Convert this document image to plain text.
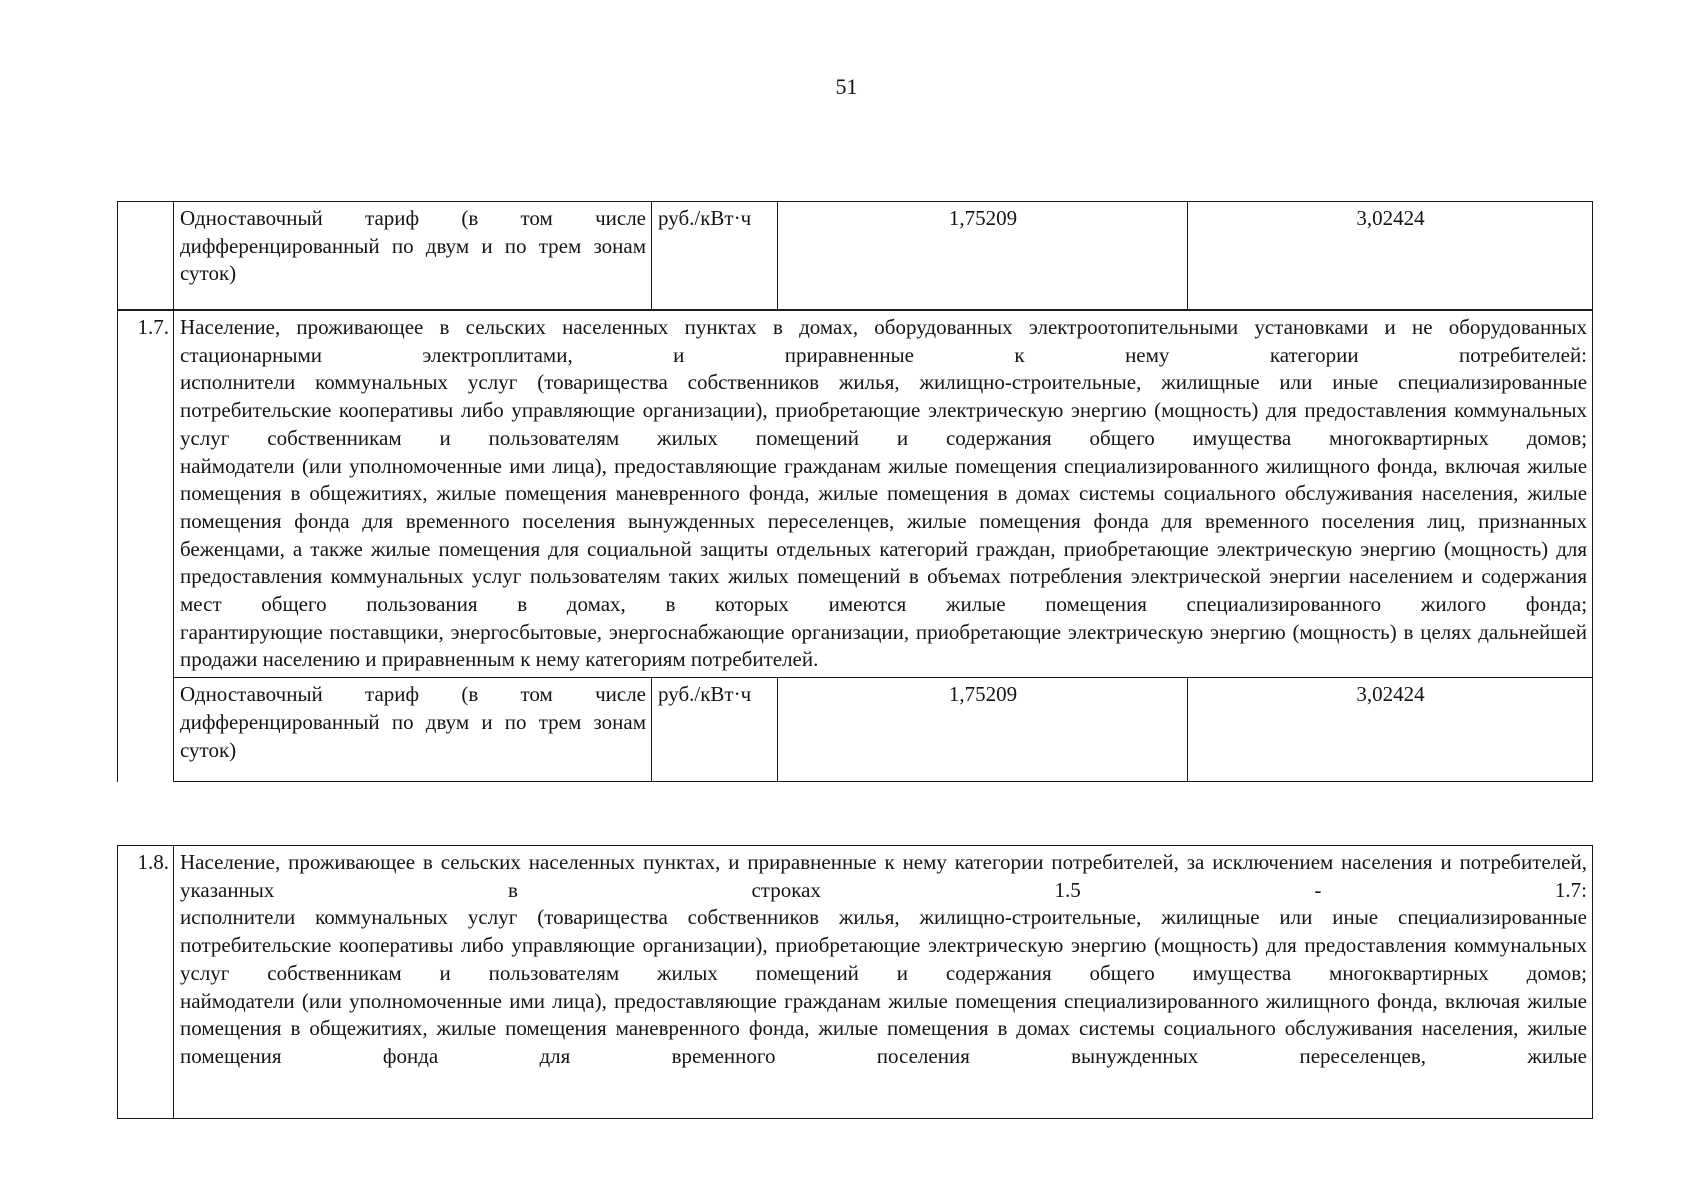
51
	Одноставочный тариф (в том числе дифференцированный по двум и по трем зонам суток)	руб./кВт·ч	1,75209	3,02424
1.7.	Население, проживающее в сельских населенных пунктах в домах, оборудованных электроотопительными установками и не оборудованных стационарными электроплитами, и приравненные к нему категории потребителей:

исполнители коммунальных услуг (товарищества собственников жилья, жилищно-строительные, жилищные или иные специализированные потребительские кооперативы либо управляющие организации), приобретающие электрическую энергию (мощность) для предоставления коммунальных услуг собственникам и пользователям жилых помещений и содержания общего имущества многоквартирных домов;

наймодатели (или уполномоченные ими лица), предоставляющие гражданам жилые помещения специализированного жилищного фонда, включая жилые помещения в общежитиях, жилые помещения маневренного фонда, жилые помещения в домах системы социального обслуживания населения, жилые помещения фонда для временного поселения вынужденных переселенцев, жилые помещения фонда для временного поселения лиц, признанных беженцами, а также жилые помещения для социальной защиты отдельных категорий граждан, приобретающие электрическую энергию (мощность) для предоставления коммунальных услуг пользователям таких жилых помещений в объемах потребления электрической энергии населением и содержания мест общего пользования в домах, в которых имеются жилые помещения специализированного жилого фонда;

гарантирующие поставщики, энергосбытовые, энергоснабжающие организации, приобретающие электрическую энергию (мощность) в целях дальнейшей продажи населению и приравненным к нему категориям потребителей.			

	Одноставочный тариф (в том числе дифференцированный по двум и по трем зонам суток)	руб./кВт·ч	1,75209	3,02424
1.8.	Население, проживающее в сельских населенных пунктах, и приравненные к нему категории потребителей, за исключением населения и потребителей, указанных в строках 1.5 - 1.7:

исполнители коммунальных услуг (товарищества собственников жилья, жилищно-строительные, жилищные или иные специализированные потребительские кооперативы либо управляющие организации), приобретающие электрическую энергию (мощность) для предоставления коммунальных услуг собственникам и пользователям жилых помещений и содержания общего имущества многоквартирных домов;

наймодатели (или уполномоченные ими лица), предоставляющие гражданам жилые помещения специализированного жилищного фонда, включая жилые помещения в общежитиях, жилые помещения маневренного фонда, жилые помещения в домах системы социального обслуживания населения, жилые помещения фонда для временного поселения вынужденных переселенцев, жилые
